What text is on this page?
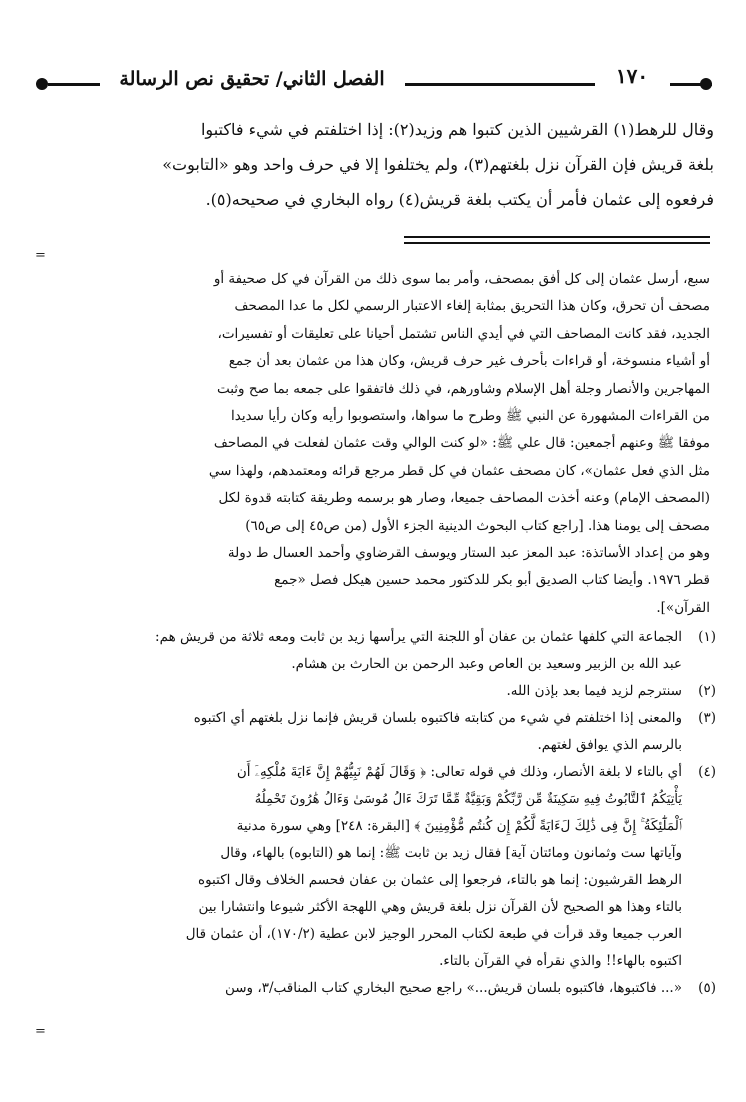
الفصل الثاني/ تحقيق نص الرسالة	١٧٠

وقال للرهط(١) القرشيين الذين كتبوا هم وزيد(٢): إذا اختلفتم في شيء فاكتبوا

بلغة قريش فإن القرآن نزل بلغتهم(٣)، ولم يختلفوا إلا في حرف واحد وهو «التابوت»

فرفعوه إلى عثمان فأمر أن يكتب بلغة قريش(٤) رواه البخاري في صحيحه(٥).

=

سبع، أرسل عثمان إلى كل أفق بمصحف، وأمر بما سوى ذلك من القرآن في كل صحيفة أو

مصحف أن تحرق، وكان هذا التحريق بمثابة إلغاء الاعتبار الرسمي لكل ما عدا المصحف

الجديد، فقد كانت المصاحف التي في أيدي الناس تشتمل أحيانا على تعليقات أو تفسيرات،

أو أشياء منسوخة، أو قراءات بأحرف غير حرف قريش، وكان هذا من عثمان بعد أن جمع

المهاجرين والأنصار وجلة أهل الإسلام وشاورهم، في ذلك فاتفقوا على جمعه بما صح وثبت

من القراءات المشهورة عن النبي ﷺ وطرح ما سواها، واستصوبوا رأيه وكان رأيا سديدا

موفقا ﷺ وعنهم أجمعين: قال علي ﷺ: «لو كنت الوالي وقت عثمان لفعلت في المصاحف

مثل الذي فعل عثمان»، كان مصحف عثمان في كل قطر مرجع قرائه ومعتمدهم، ولهذا سي

(المصحف الإمام) وعنه أخذت المصاحف جميعا، وصار هو برسمه وطريقة كتابته قدوة لكل

مصحف إلى يومنا هذا. [راجع كتاب البحوث الدينية الجزء الأول (من ص٤٥ إلى ص٦٥)

وهو من إعداد الأساتذة: عبد المعز عبد الستار ويوسف القرضاوي وأحمد العسال ط دولة

قطر ١٩٧٦. وأيضا كتاب الصديق أبو بكر للدكتور محمد حسين هيكل فصل «جمع

القرآن»].

(١)
الجماعة التي كلفها عثمان بن عفان أو اللجنة التي يرأسها زيد بن ثابت ومعه ثلاثة من قريش هم:
عبد الله بن الزبير وسعيد بن العاص وعبد الرحمن بن الحارث بن هشام.
(٢)
سنترجم لزيد فيما بعد بإذن الله.
(٣)
والمعنى إذا اختلفتم في شيء من كتابته فاكتبوه بلسان قريش فإنما نزل بلغتهم أي اكتبوه
بالرسم الذي يوافق لغتهم.
(٤)
أي بالتاء لا بلغة الأنصار، وذلك في قوله تعالى: ﴿ وَقَالَ لَهُمْ نَبِيُّهُمْ إِنَّ ءَايَةَ مُلْكِهِۦٓ أَن
يَأْتِيَكُمُ ٱلتَّابُوتُ فِيهِ سَكِينَةٌ مِّن رَّبِّكُمْ وَبَقِيَّةٌ مِّمَّا تَرَكَ ءَالُ مُوسَىٰ وَءَالُ هَٰرُونَ تَحْمِلُهُ
ٱلْمَلَٰٓئِكَةُ ۚ إِنَّ فِى ذَٰلِكَ لَءَايَةً لَّكُمْ إِن كُنتُم مُّؤْمِنِينَ ﴾ [البقرة: ٢٤٨] وهي سورة مدنية
وآياتها ست وثمانون ومائتان آية] فقال زيد بن ثابت ﷺ: إنما هو (التابوه) بالهاء، وقال
الرهط القرشيون: إنما هو بالتاء، فرجعوا إلى عثمان بن عفان فحسم الخلاف وقال اكتبوه
بالتاء وهذا هو الصحيح لأن القرآن نزل بلغة قريش وهي اللهجة الأكثر شيوعا وانتشارا بين
العرب جميعا وقد قرأت في طبعة لكتاب المحرر الوجيز لابن عطية (١٧٠/٢)، أن عثمان قال
اكتبوه بالهاء!! والذي نقرأه في القرآن بالتاء.
(٥)
«... فاكتبوها، فاكتبوه بلسان قريش...» راجع صحيح البخاري كتاب المناقب/٣، وسن
=
